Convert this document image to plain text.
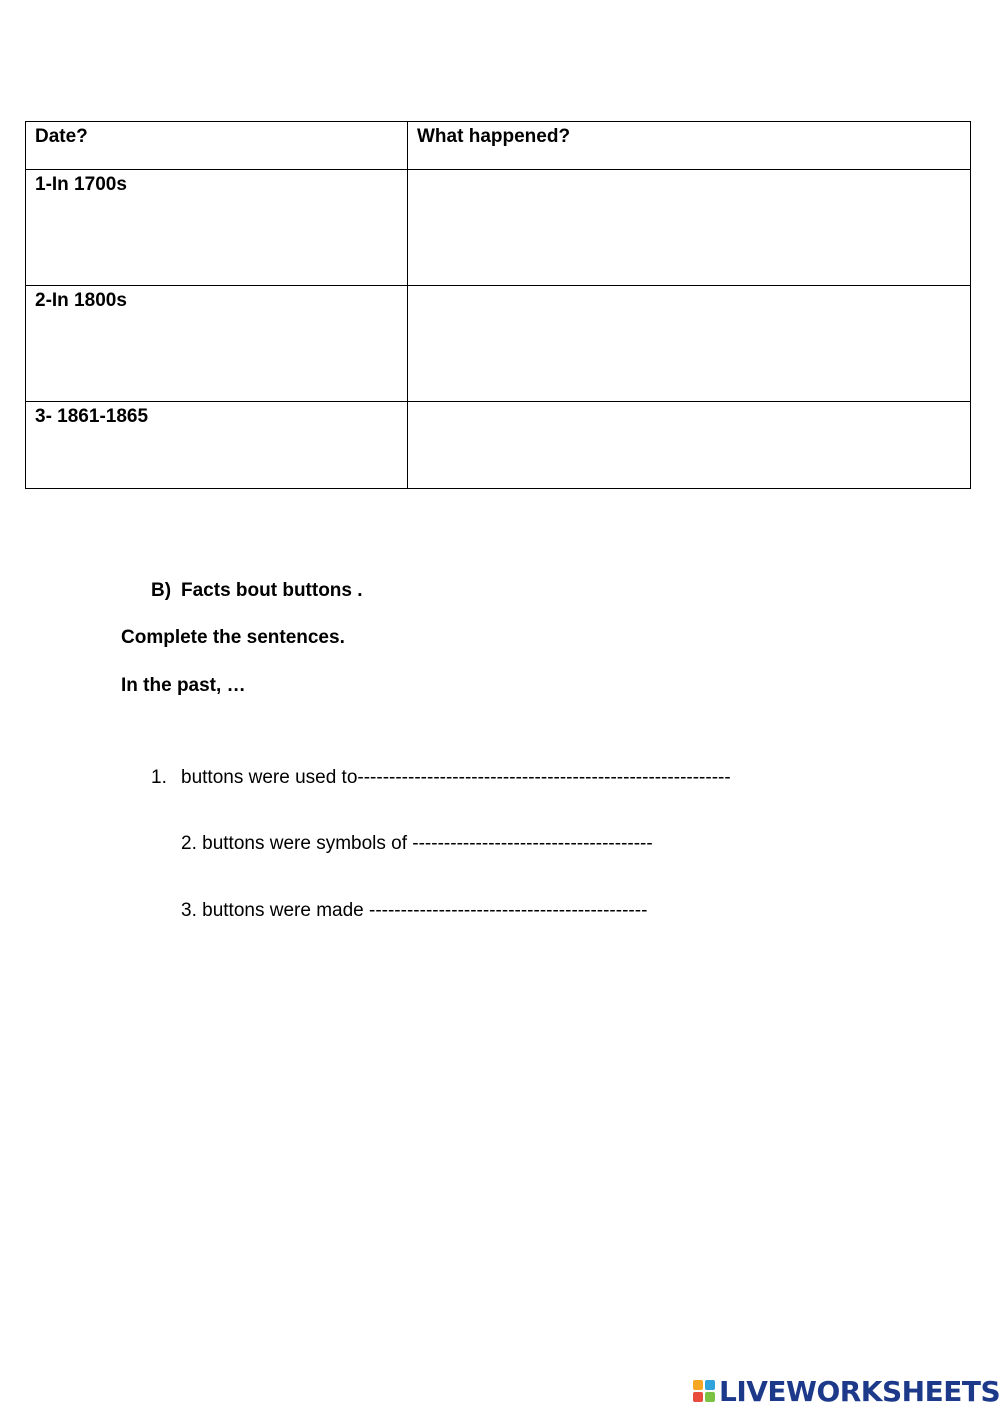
Date?	What happened?
1-In 1700s	
2-In 1800s	
3- 1861-1865	
B) Facts bout buttons .
Complete the sentences.
In the past, …
1. buttons were used to-----------------------------------------------------------
2. buttons were symbols of --------------------------------------
3. buttons were made --------------------------------------------
LIVEWORKSHEETS
